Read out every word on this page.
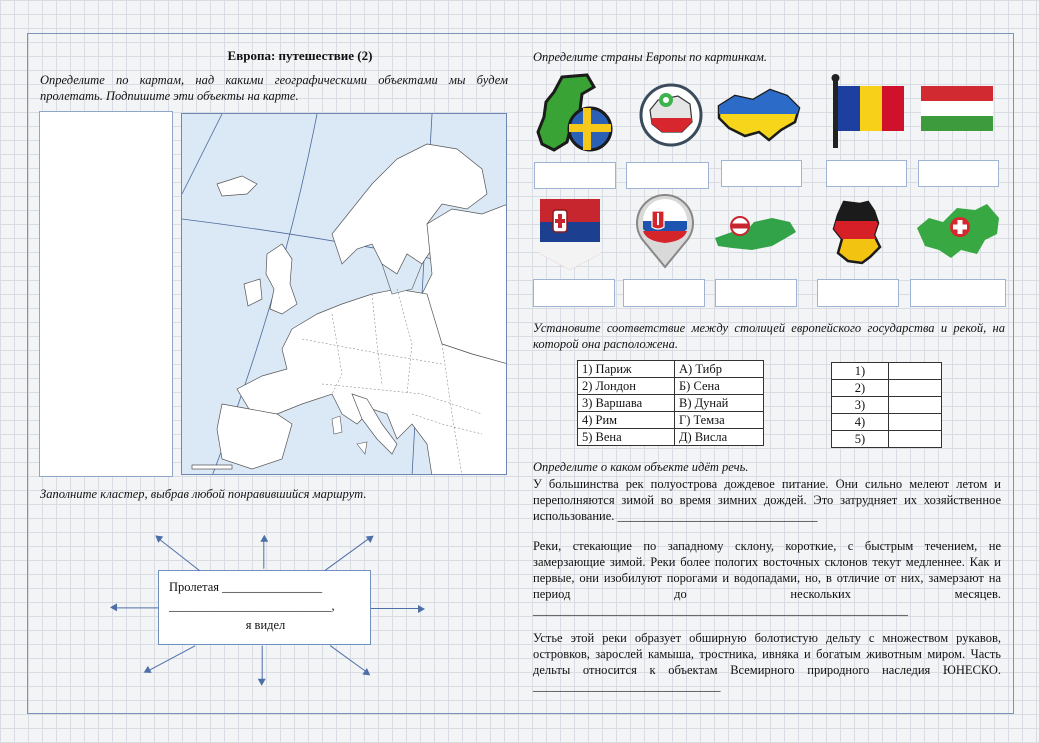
Европа: путешествие (2)
Определите по картам, над какими географическими объектами мы будем пролетать. Подпишите эти объекты на карте.
Заполните кластер, выбрав любой понравившийся маршрут.
Пролетая ________________
__________________________,
я видел
Определите страны Европы по картинкам.
Установите соответствие между столицей европейского государства и рекой, на которой она расположена.
1) Париж	А) Тибр
2) Лондон	Б) Сена
3) Варшава	В) Дунай
4) Рим	Г) Темза
5) Вена	Д) Висла
1)	
2)	
3)	
4)	
5)	
Определите о каком объекте идёт речь.
У большинства рек полуострова дождевое питание. Они сильно мелеют летом и переполняются зимой во время зимних дождей. Это затрудняет их хозяйственное использование. ________________________________
Реки, стекающие по западному склону, короткие, с быстрым течением, не замерзающие зимой. Реки более пологих восточных склонов текут медленнее. Как и первые, они изобилуют порогами и водопадами, но, в отличие от них, замерзают на период до нескольких месяцев. ____________________________________________________________
Устье этой реки образует обширную болотистую дельту с множеством рукавов, островков, зарослей камыша, тростника, ивняка и богатым животным миром. Часть дельты относится к объектам Всемирного природного наследия ЮНЕСКО. ______________________________
